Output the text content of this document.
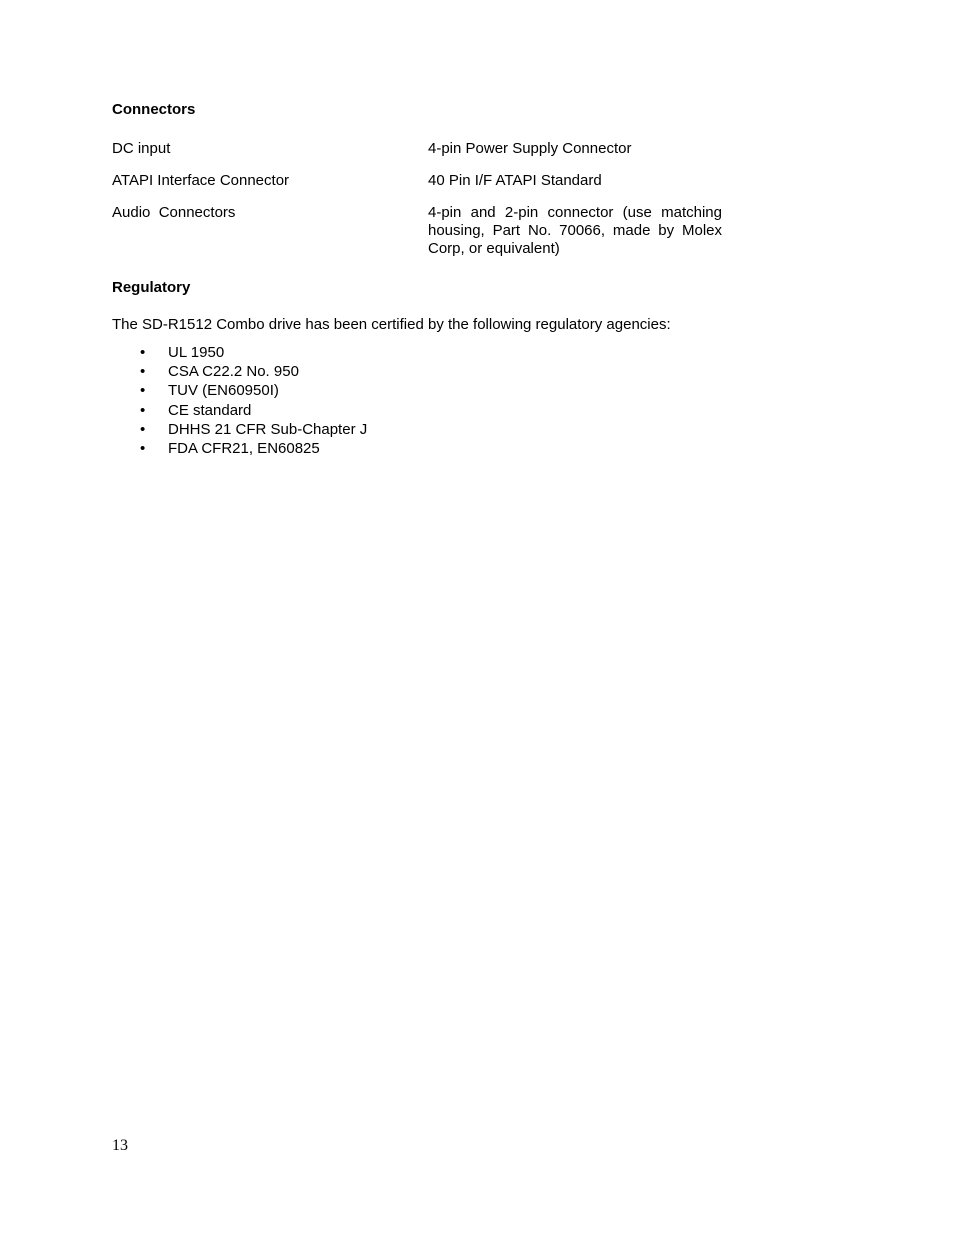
Connectors
DC input	4-pin Power Supply Connector
ATAPI Interface Connector	40 Pin I/F ATAPI Standard
Audio  Connectors	4-pin and 2-pin connector (use matching housing, Part No. 70066, made by Molex Corp, or equivalent)
Regulatory
The SD-R1512 Combo drive has been certified by the following regulatory agencies:
• UL 1950
• CSA C22.2 No. 950
• TUV (EN60950I)
• CE standard
• DHHS 21 CFR Sub-Chapter J
• FDA CFR21, EN60825
13
